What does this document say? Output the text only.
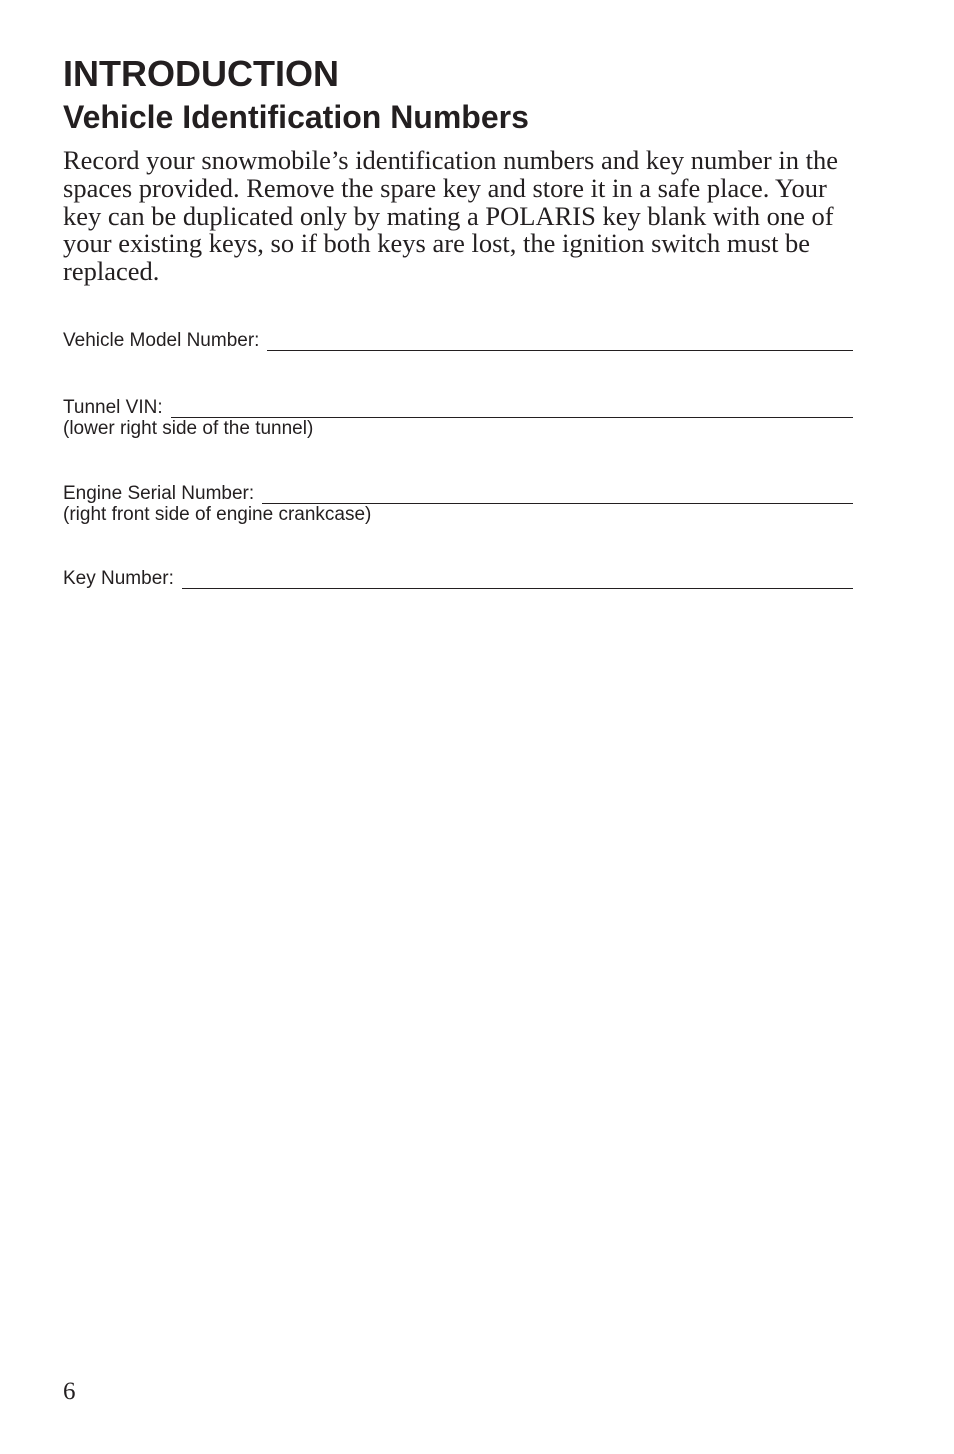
INTRODUCTION
Vehicle Identification Numbers

Record your snowmobile’s identification numbers and key number in the spaces provided. Remove the spare key and store it in a safe place. Your key can be duplicated only by mating a POLARIS key blank with one of your existing keys, so if both keys are lost, the ignition switch must be replaced.

Vehicle Model Number:
Tunnel VIN:
(lower right side of the tunnel)
Engine Serial Number:
(right front side of engine crankcase)
Key Number:
6
